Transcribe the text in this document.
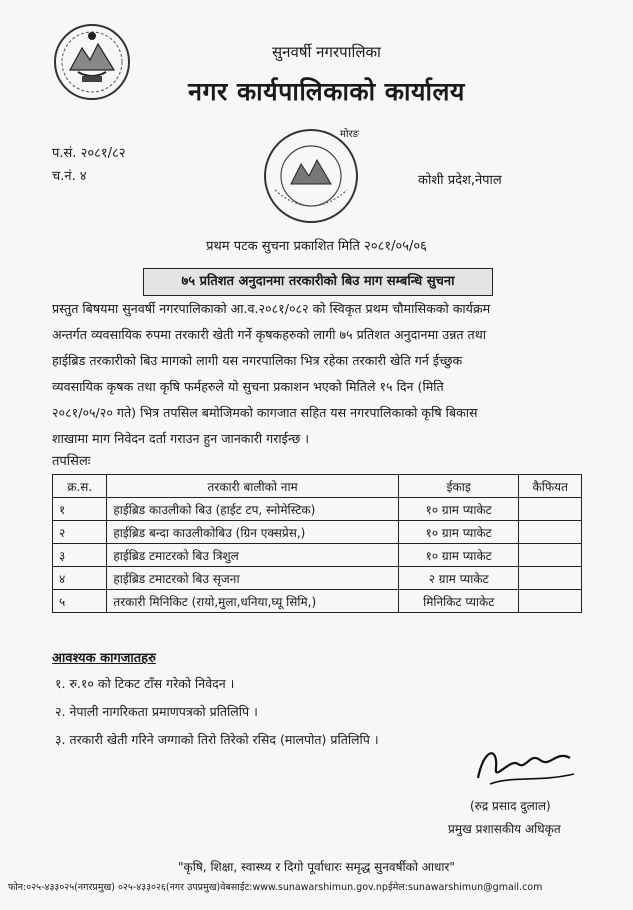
सुनवर्षी नगरपालिका
नगर कार्यपालिकाको कार्यालय
प.सं. २०८१/८२
च.नं. ४
मोरङ
कोशी प्रदेश,नेपाल
प्रथम पटक सुचना प्रकाशित मिति २०८१/०५/०६
७५ प्रतिशत अनुदानमा तरकारीको बिउ माग सम्बन्धि सुचना
प्रस्तुत बिषयमा सुनवर्षी नगरपालिकाको आ.व.२०८१/०८२ को स्विकृत प्रथम चौमासिकको कार्यक्रम
अन्तर्गत व्यवसायिक रुपमा तरकारी खेती गर्ने कृषकहरुको लागी ७५ प्रतिशत अनुदानमा उन्नत तथा
हाईब्रिड तरकारीको बिउ मागको लागी यस नगरपालिका भित्र रहेका तरकारी खेति गर्न ईच्छुक
व्यवसायिक कृषक तथा कृषि फर्महरुले यो सुचना प्रकाशन भएको मितिले १५ दिन (मिति
२०८१/०५/२० गते) भित्र तपसिल बमोजिमको कागजात सहित यस नगरपालिकाको कृषि बिकास
शाखामा माग निवेदन दर्ता गराउन हुन जानकारी गराईन्छ ।
तपसिलः
क्र.स.	तरकारी बालीको नाम	ईकाइ	कैफियत
१	हाईब्रिड काउलीको बिउ (हाईट टप, स्नोमेस्टिक)	१० ग्राम प्याकेट	
२	हाईब्रिड बन्दा काउलीकोबिउ (ग्रिन एक्सप्रेस,)	१० ग्राम प्याकेट	
३	हाईब्रिड टमाटरको बिउ त्रिशुल	१० ग्राम प्याकेट	
४	हाईब्रिड टमाटरको बिउ सृजना	२ ग्राम प्याकेट	
५	तरकारी मिनिकिट (रायो,मुला,धनिया,घ्यू सिमि,)	मिनिकिट प्याकेट	
आवश्यक कागजातहरु
१. रु.१० को टिकट टाँस गरेको निवेदन ।
२. नेपाली नागरिकता प्रमाणपत्रको प्रतिलिपि ।
३. तरकारी खेती गरिने जग्गाको तिरो तिरेको रसिद (मालपोत) प्रतिलिपि ।
(रुद्र प्रसाद दुलाल)
प्रमुख प्रशासकीय अधिकृत
"कृषि, शिक्षा, स्वास्थ्य र दिगो पूर्वाधारः समृद्ध सुनवर्षीको आधार"
फोन:०२५-४३३०२५(नगरप्रमुख) ०२५-४३३०२६(नगर उपप्रमुख)वेबसाईट:www.sunawarshimun.gov.npईमेल:sunawarshimun@gmail.com
